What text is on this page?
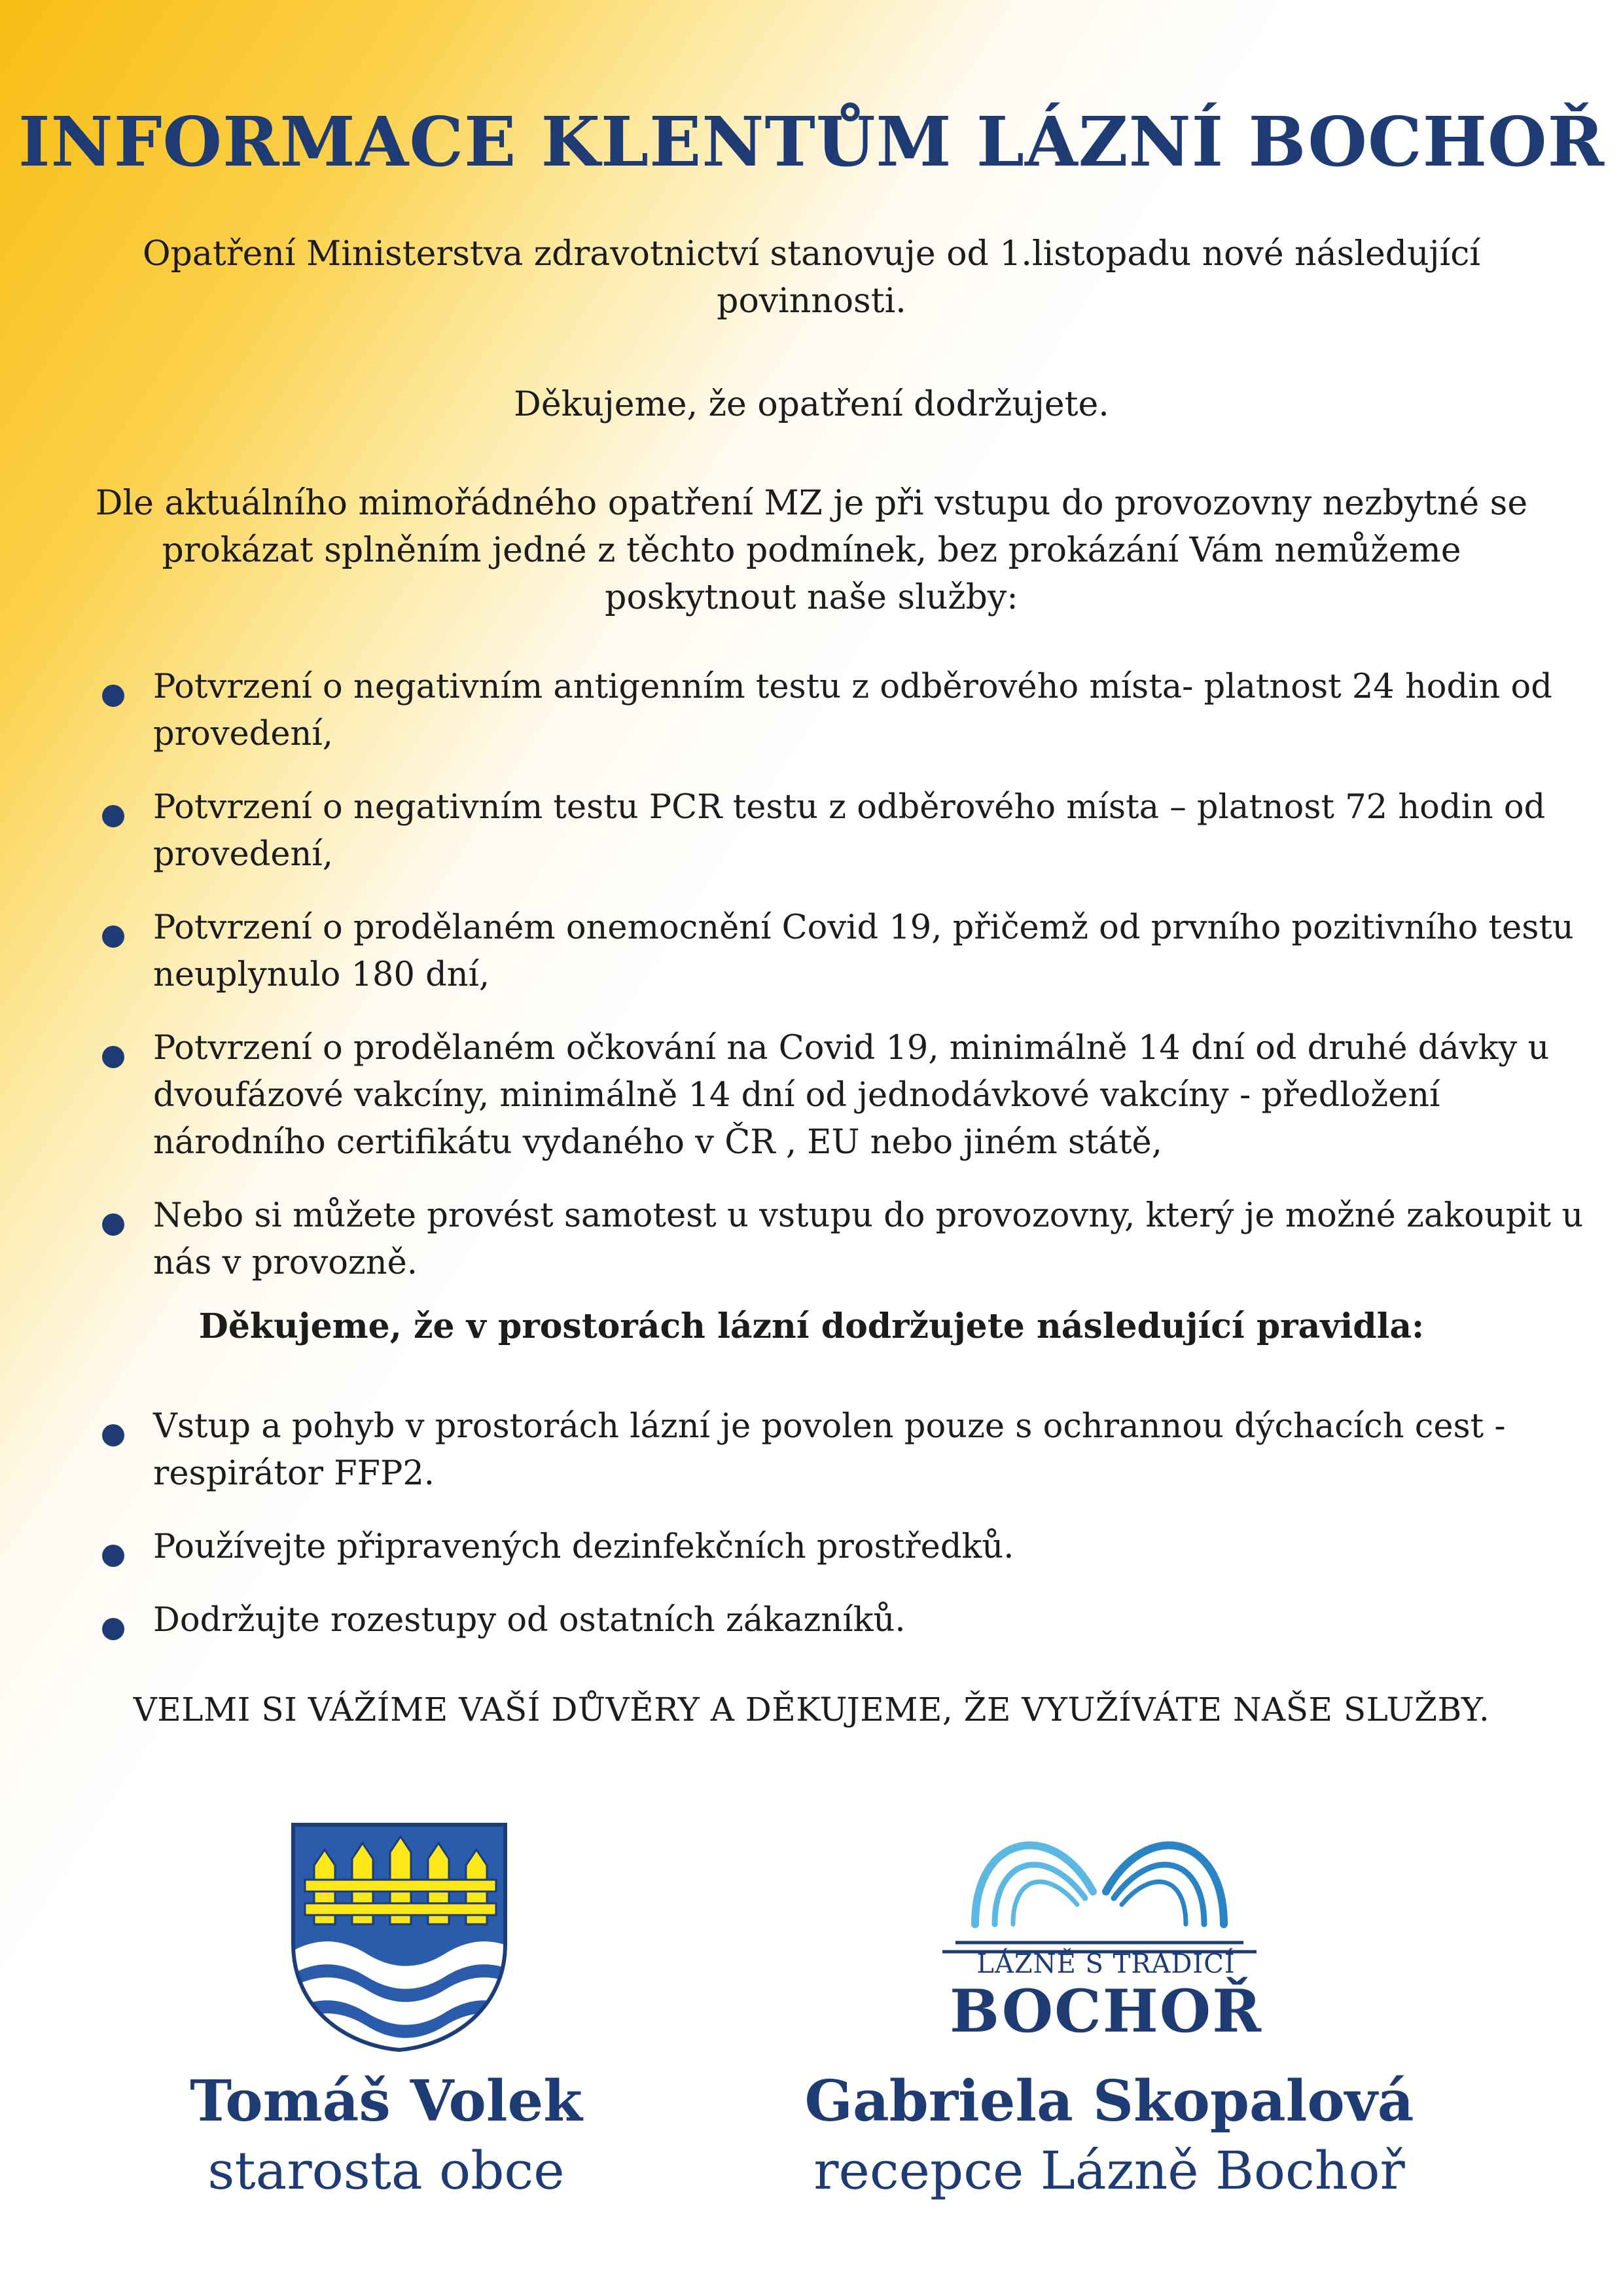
INFORMACE KLENTŮM LÁZNÍ BOCHOŘ

Opatření Ministerstva zdravotnictví stanovuje od 1.listopadu nové následující povinnosti.

Děkujeme, že opatření dodržujete.

Dle aktuálního mimořádného opatření MZ je při vstupu do provozovny nezbytné se prokázat splněním jedné z těchto podmínek, bez prokázání Vám nemůžeme poskytnout naše služby:

Potvrzení o negativním antigenním testu z odběrového místa- platnost 24 hodin od provedení,
Potvrzení o negativním testu PCR testu z odběrového místa – platnost 72 hodin od provedení,
Potvrzení o prodělaném onemocnění Covid 19, přičemž od prvního pozitivního testu neuplynulo 180 dní,
Potvrzení o prodělaném očkování na Covid 19, minimálně 14 dní od druhé dávky u dvoufázové vakcíny, minimálně 14 dní od jednodávkové vakcíny - předložení národního certifikátu vydaného v ČR , EU nebo jiném státě,
Nebo si můžete provést samotest u vstupu do provozovny, který je možné zakoupit u nás v provozně.

Děkujeme, že v prostorách lázní dodržujete následující pravidla:

Vstup a pohyb v prostorách lázní je povolen pouze s ochrannou dýchacích cest - respirátor FFP2.
Používejte připravených dezinfekčních prostředků.
Dodržujte rozestupy od ostatních zákazníků.

VELMI SI VÁŽÍME VAŠÍ DŮVĚRY A DĚKUJEME, ŽE VYUŽÍVÁTE NAŠE SLUŽBY.

LÁZNĚ S TRADICÍ

BOCHOŘ

Tomáš Volek

starosta obce

Gabriela Skopalová

recepce Lázně Bochoř
